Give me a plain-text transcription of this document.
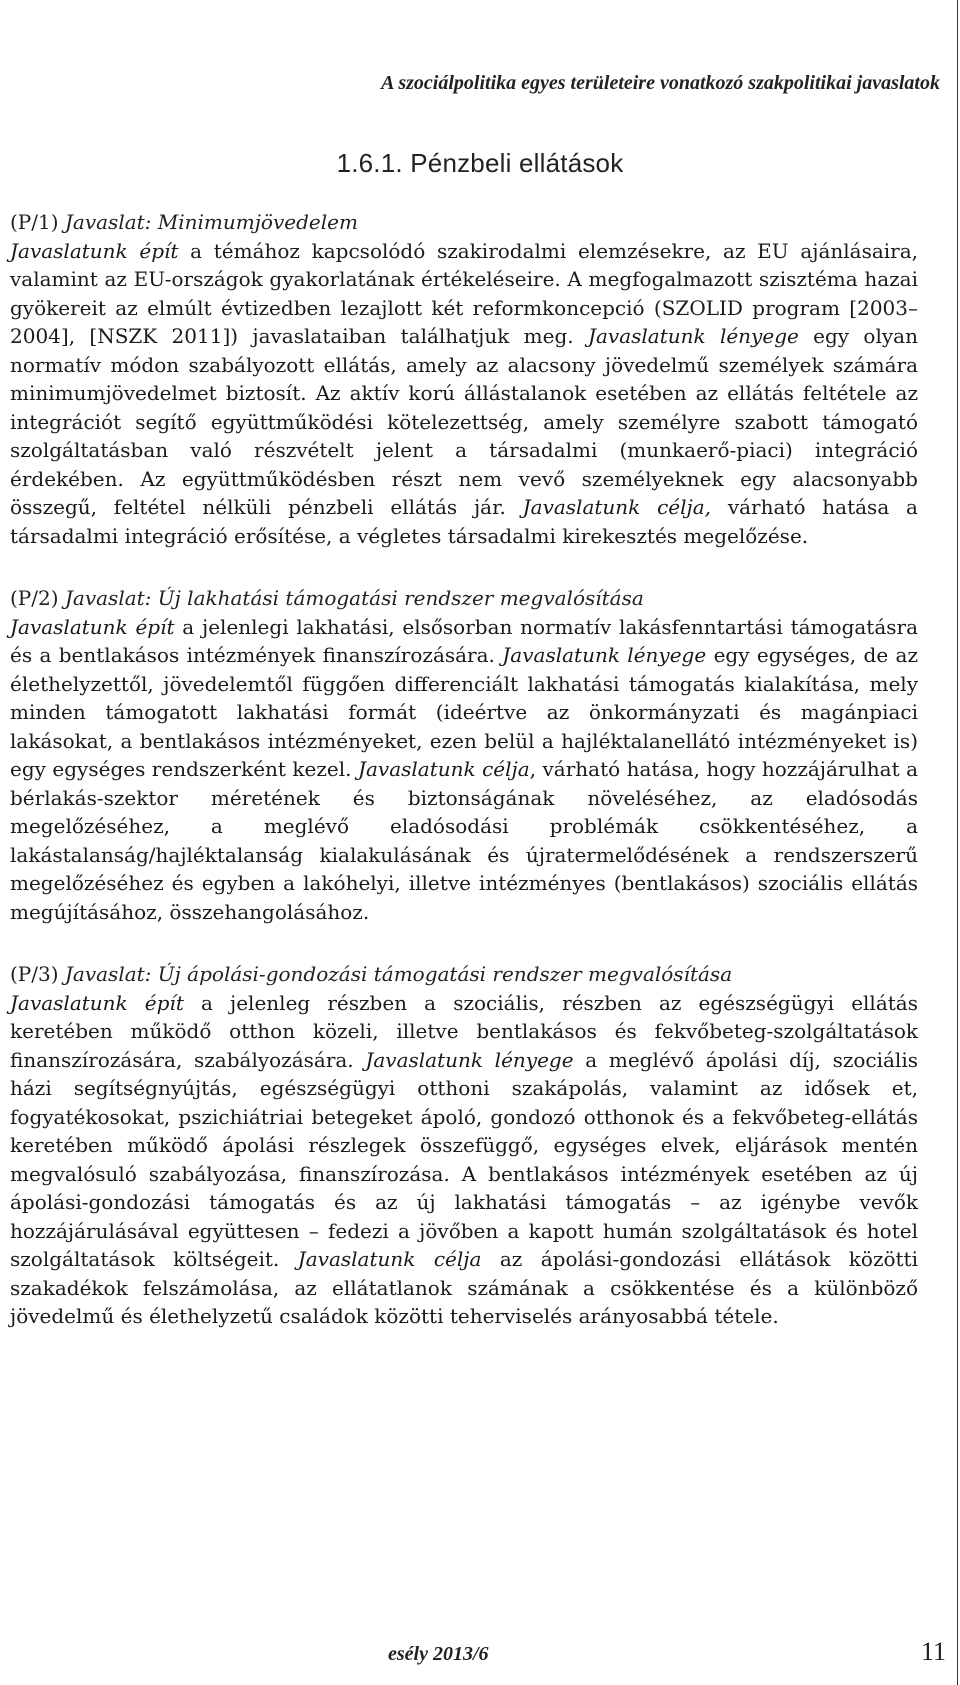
A szociálpolitika egyes területeire vonatkozó szakpolitikai javaslatok
1.6.1. Pénzbeli ellátások

(P/1) Javaslat: Minimumjövedelem

Javaslatunk épít a témához kapcsolódó szakirodalmi elemzésekre, az EU ajánlásaira, valamint az EU-országok gyakorlatának értékeléseire. A megfogalmazott szisztéma hazai gyökereit az elmúlt évtizedben lezajlott két reformkoncepció (SZOLID program [2003–2004], [NSZK 2011]) javaslataiban találhatjuk meg. Javaslatunk lényege egy olyan normatív módon szabályozott ellátás, amely az alacsony jövedelmű személyek számára minimumjövedelmet biztosít. Az aktív korú állástalanok esetében az ellátás feltétele az integrációt segítő együttműködési kötelezettség, amely személyre szabott támogató szolgáltatásban való részvételt jelent a társadalmi (munkaerő-piaci) integráció érdekében. Az együttműködésben részt nem vevő személyeknek egy alacsonyabb összegű, feltétel nélküli pénzbeli ellátás jár. Javaslatunk célja, várható hatása a társadalmi integráció erősítése, a végletes társadalmi kirekesztés megelőzése.

(P/2) Javaslat: Új lakhatási támogatási rendszer megvalósítása

Javaslatunk épít a jelenlegi lakhatási, elsősorban normatív lakásfenntartási támogatásra és a bentlakásos intézmények finanszírozására. Javaslatunk lényege egy egységes, de az élethelyzettől, jövedelemtől függően differenciált lakhatási támogatás kialakítása, mely minden támogatott lakhatási formát (ideértve az önkormányzati és magánpiaci lakásokat, a bentlakásos intézményeket, ezen belül a hajléktalanellátó intézményeket is) egy egységes rendszerként kezel. Javaslatunk célja, várható hatása, hogy hozzájárulhat a bérlakás-szektor méretének és biztonságának növeléséhez, az eladósodás megelőzéséhez, a meglévő eladósodási problémák csökkentéséhez, a lakástalanság/hajléktalanság kialakulásának és újratermelődésének a rendszerszerű megelőzéséhez és egyben a lakóhelyi, illetve intézményes (bentlakásos) szociális ellátás megújításához, összehangolásához.

(P/3) Javaslat: Új ápolási-gondozási támogatási rendszer megvalósítása

Javaslatunk épít a jelenleg részben a szociális, részben az egészségügyi ellátás keretében működő otthon közeli, illetve bentlakásos és fekvőbeteg-szolgáltatások finanszírozására, szabályozására. Javaslatunk lényege a meglévő ápolási díj, szociális házi segítségnyújtás, egészségügyi otthoni szakápolás, valamint az idősek et, fogyatékosokat, pszichiátriai betegeket ápoló, gondozó otthonok és a fekvőbeteg-ellátás keretében működő ápolási részlegek összefüggő, egységes elvek, eljárások mentén megvalósuló szabályozása, finanszírozása. A bentlakásos intézmények esetében az új ápolási-gondozási támogatás és az új lakhatási támogatás – az igénybe vevők hozzájárulásával együttesen – fedezi a jövőben a kapott humán szolgáltatások és hotel szolgáltatások költségeit. Javaslatunk célja az ápolási-gondozási ellátások közötti szakadékok felszámolása, az ellátatlanok számának a csökkentése és a különböző jövedelmű és élethelyzetű családok közötti teherviselés arányosabbá tétele.

esély 2013/6	11
